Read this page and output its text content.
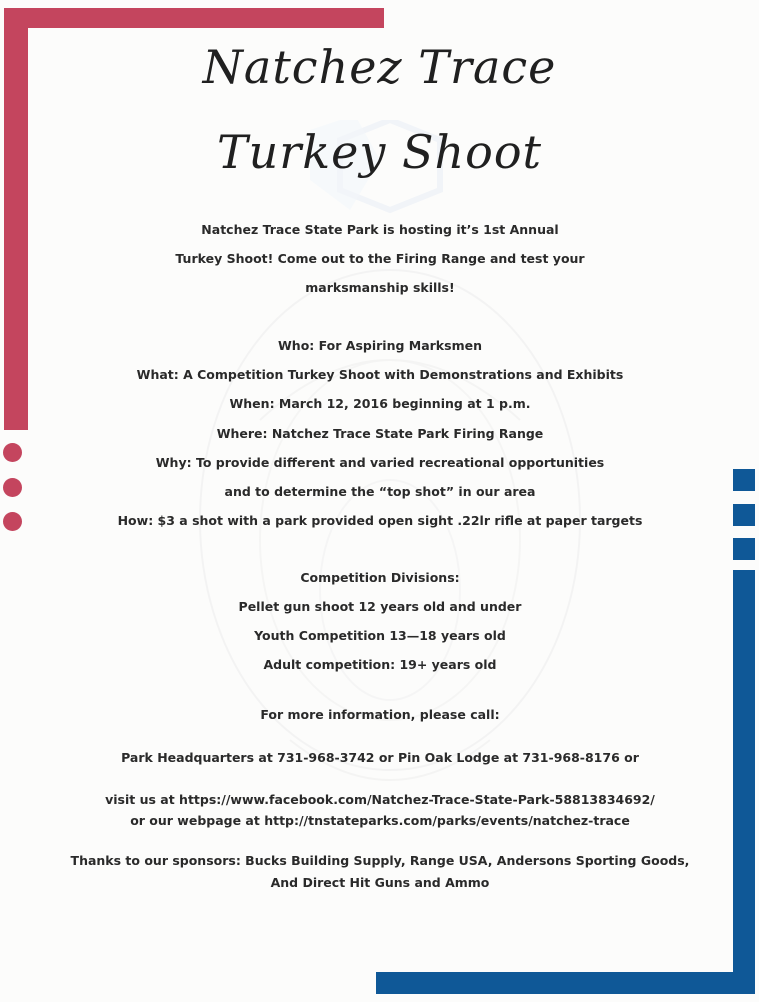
Natchez Trace
Turkey Shoot
Natchez Trace State Park is hosting it’s 1st Annual
Turkey Shoot! Come out to the Firing Range and test your
marksmanship skills!
Who: For Aspiring Marksmen
What: A Competition Turkey Shoot with Demonstrations and Exhibits
When: March 12, 2016 beginning at 1 p.m.
Where: Natchez Trace State Park Firing Range
Why: To provide different and varied recreational opportunities
and to determine the “top shot” in our area
How: $3 a shot with a park provided open sight .22lr rifle at paper targets
Competition Divisions:
Pellet gun shoot 12 years old and under
Youth Competition 13—18 years old
Adult competition: 19+ years old
For more information, please call:
Park Headquarters at 731-968-3742 or Pin Oak Lodge at 731-968-8176 or
visit us at https://www.facebook.com/Natchez-Trace-State-Park-58813834692/
or our webpage at http://tnstateparks.com/parks/events/natchez-trace
Thanks to our sponsors: Bucks Building Supply, Range USA, Andersons Sporting Goods,
And Direct Hit Guns and Ammo
